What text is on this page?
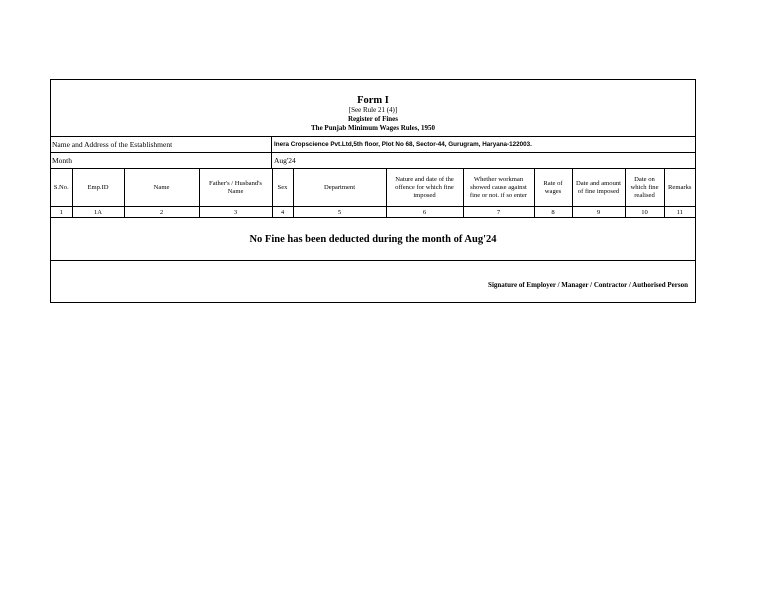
Form I
[See Rule 21 (4)]
Register of Fines
The Punjab Minimum Wages Rules, 1950
Name and Address of the Establishment	Inera Cropscience Pvt.Ltd,5th floor, Plot No 68, Sector-44, Gurugram, Haryana-122003.
Month	Aug'24
S.No.	Emp.ID	Name	Father's / Husband's Name	Sex	Department	Nature and date of the offence for which fine imposed	Whether workman showed cause against fine or not. if so enter	Rate of wages	Date and amount of fine imposed	Date on which fine realised	Remarks
1	1A	2	3	4	5	6	7	8	9	10	11
No Fine has been deducted during the month of Aug'24
Signature of Employer / Manager / Contractor / Authorised Person
